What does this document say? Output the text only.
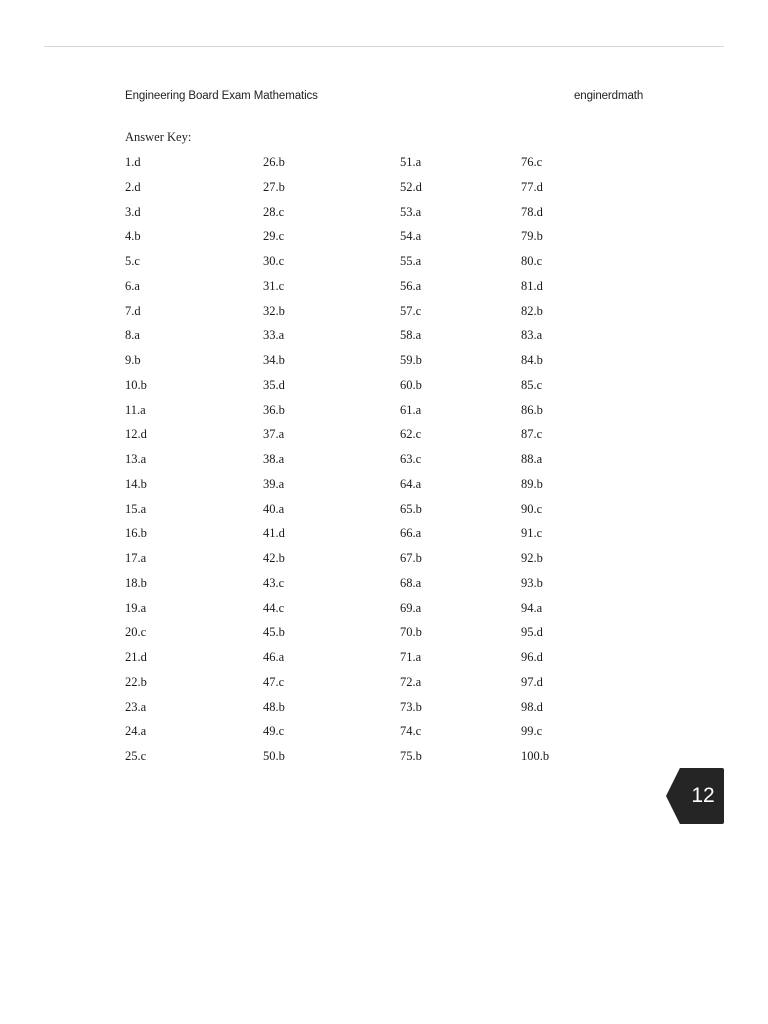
Engineering Board Exam Mathematics	enginerdmath
Answer Key:
1.d	26.b	51.a	76.c
2.d	27.b	52.d	77.d
3.d	28.c	53.a	78.d
4.b	29.c	54.a	79.b
5.c	30.c	55.a	80.c
6.a	31.c	56.a	81.d
7.d	32.b	57.c	82.b
8.a	33.a	58.a	83.a
9.b	34.b	59.b	84.b
10.b	35.d	60.b	85.c
11.a	36.b	61.a	86.b
12.d	37.a	62.c	87.c
13.a	38.a	63.c	88.a
14.b	39.a	64.a	89.b
15.a	40.a	65.b	90.c
16.b	41.d	66.a	91.c
17.a	42.b	67.b	92.b
18.b	43.c	68.a	93.b
19.a	44.c	69.a	94.a
20.c	45.b	70.b	95.d
21.d	46.a	71.a	96.d
22.b	47.c	72.a	97.d
23.a	48.b	73.b	98.d
24.a	49.c	74.c	99.c
25.c	50.b	75.b	100.b
12
